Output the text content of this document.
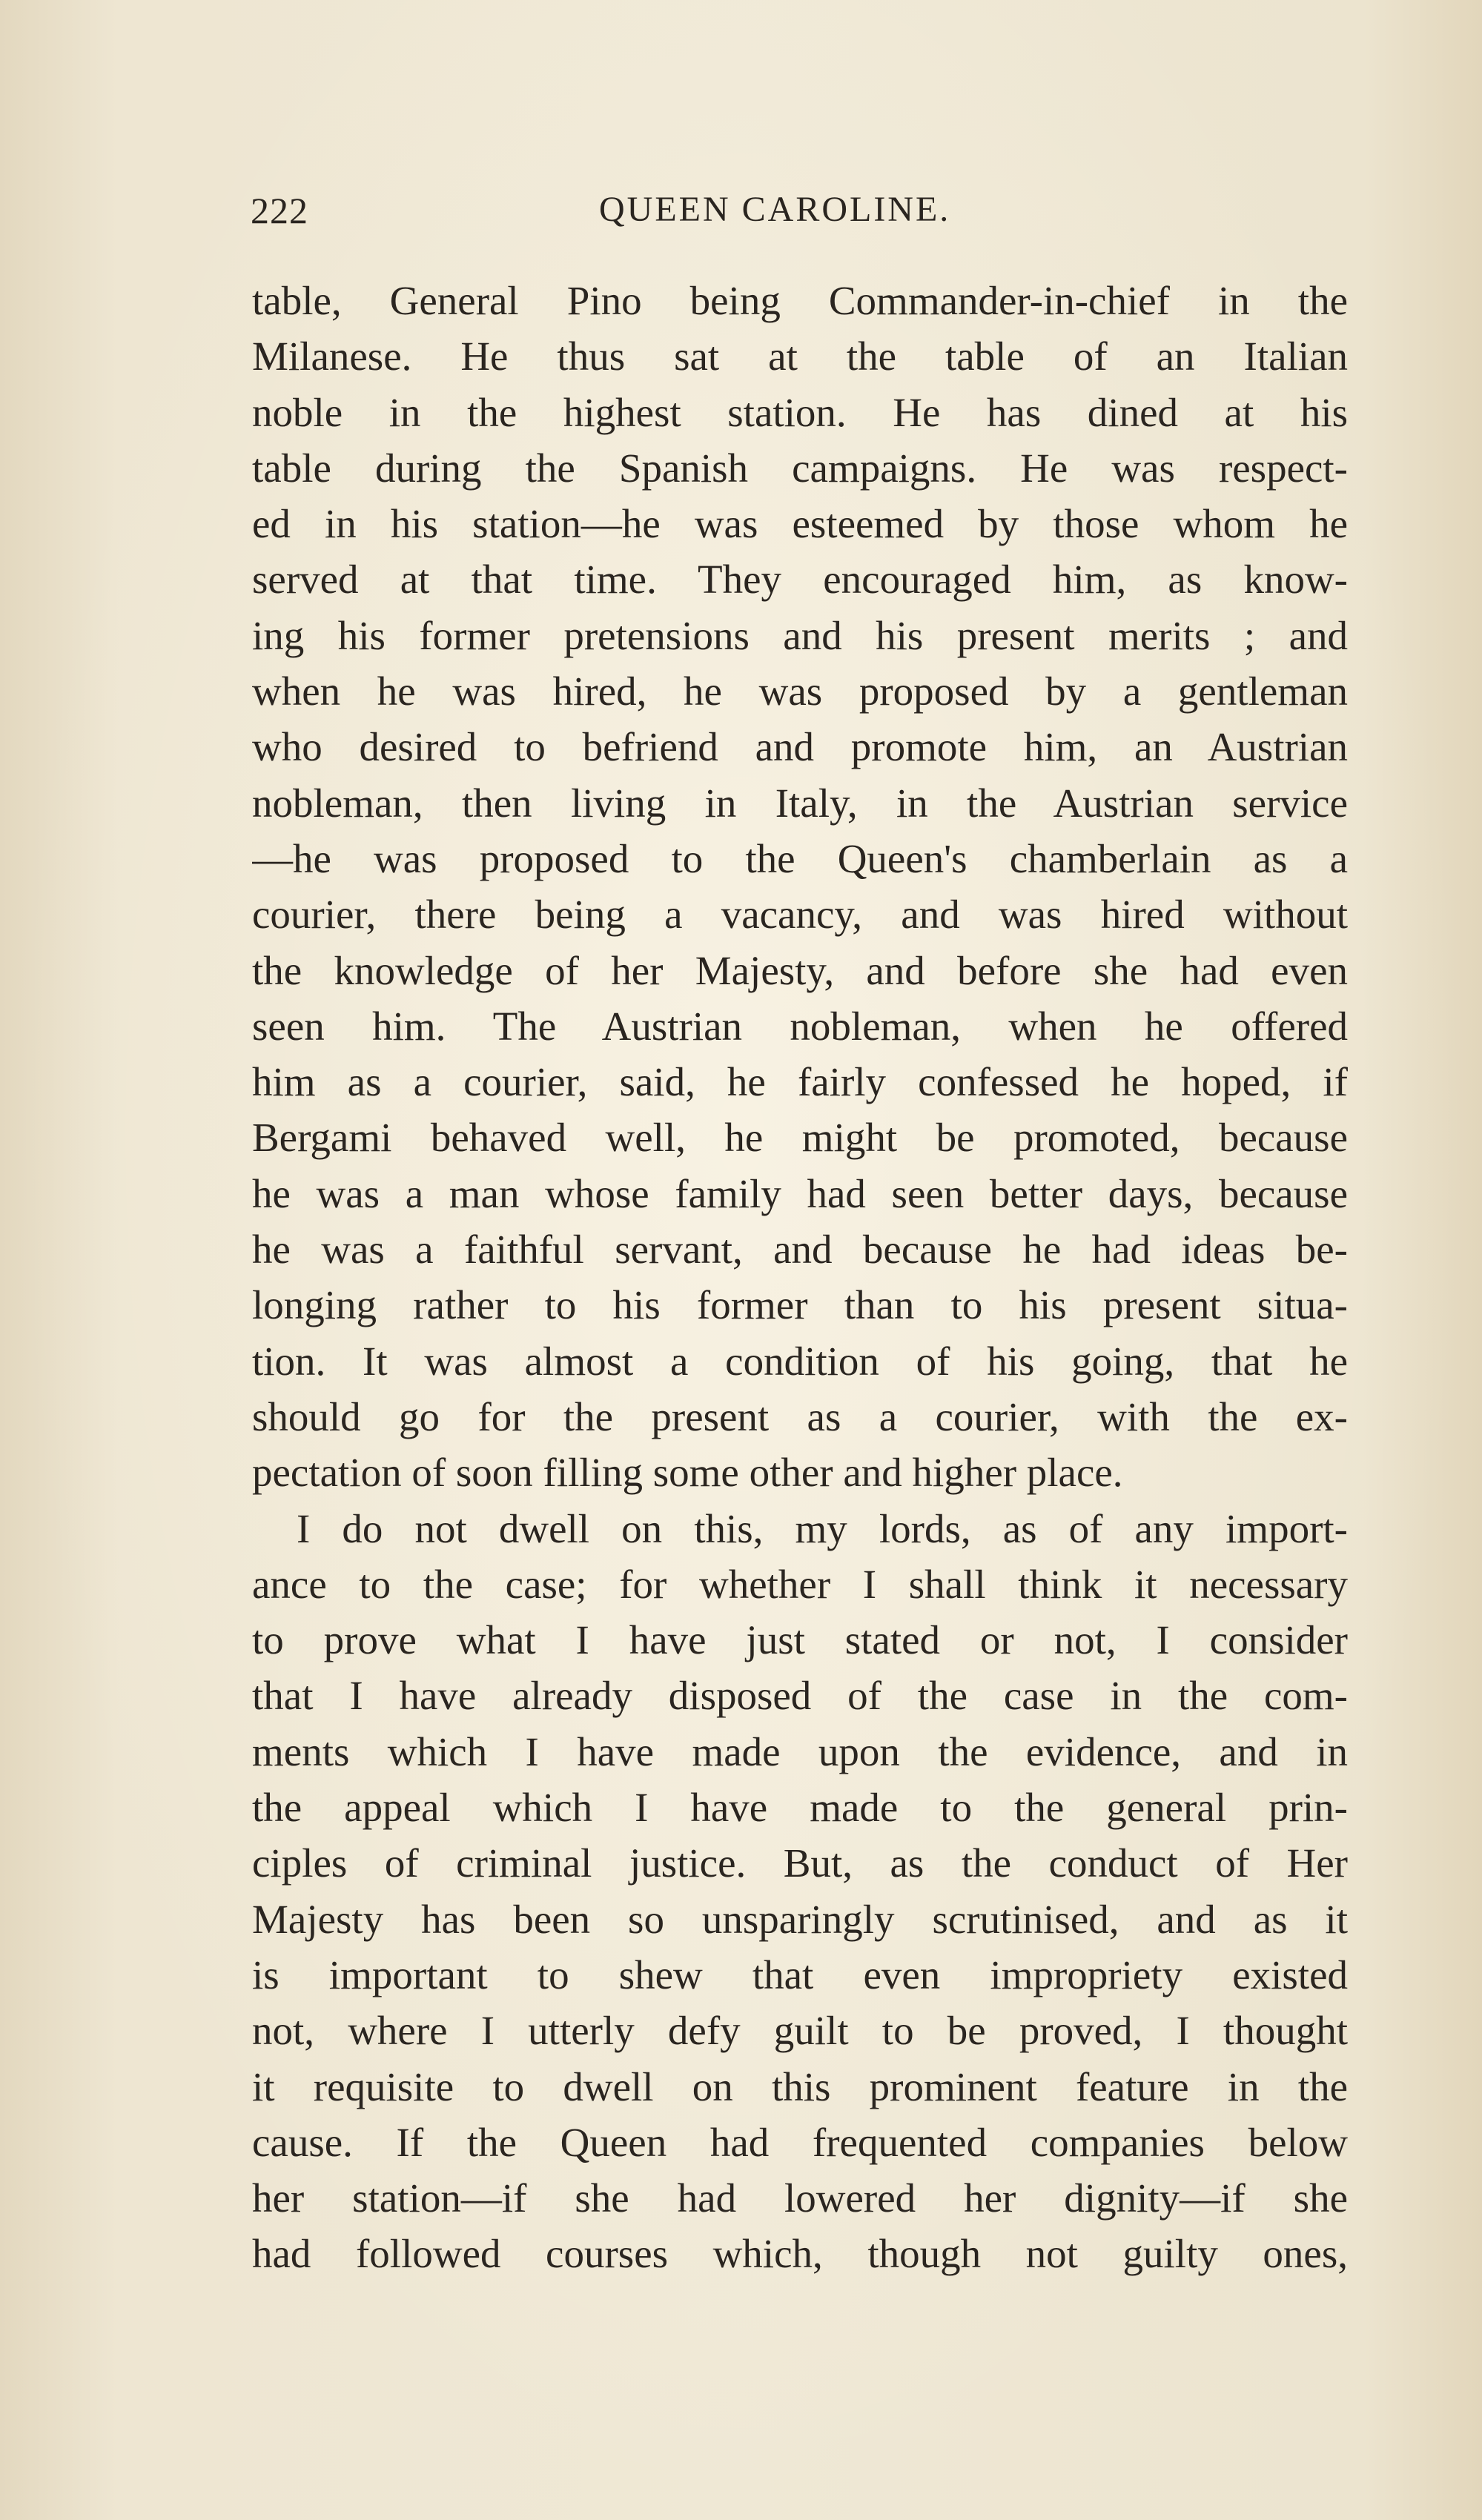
222	QUEEN CAROLINE.
table, General Pino being Commander-in-chief in the
Milanese. He thus sat at the table of an Italian
noble in the highest station. He has dined at his
table during the Spanish campaigns. He was respect-
ed in his station—he was esteemed by those whom he
served at that time. They encouraged him, as know-
ing his former pretensions and his present merits ; and
when he was hired, he was proposed by a gentleman
who desired to befriend and promote him, an Austrian
nobleman, then living in Italy, in the Austrian service
—he was proposed to the Queen's chamberlain as a
courier, there being a vacancy, and was hired without
the knowledge of her Majesty, and before she had even
seen him. The Austrian nobleman, when he offered
him as a courier, said, he fairly confessed he hoped, if
Bergami behaved well, he might be promoted, because
he was a man whose family had seen better days, because
he was a faithful servant, and because he had ideas be-
longing rather to his former than to his present situa-
tion. It was almost a condition of his going, that he
should go for the present as a courier, with the ex-
pectation of soon filling some other and higher place.
I do not dwell on this, my lords, as of any import-
ance to the case; for whether I shall think it necessary
to prove what I have just stated or not, I consider
that I have already disposed of the case in the com-
ments which I have made upon the evidence, and in
the appeal which I have made to the general prin-
ciples of criminal justice. But, as the conduct of Her
Majesty has been so unsparingly scrutinised, and as it
is important to shew that even impropriety existed
not, where I utterly defy guilt to be proved, I thought
it requisite to dwell on this prominent feature in the
cause. If the Queen had frequented companies below
her station—if she had lowered her dignity—if she
had followed courses which, though not guilty ones,
